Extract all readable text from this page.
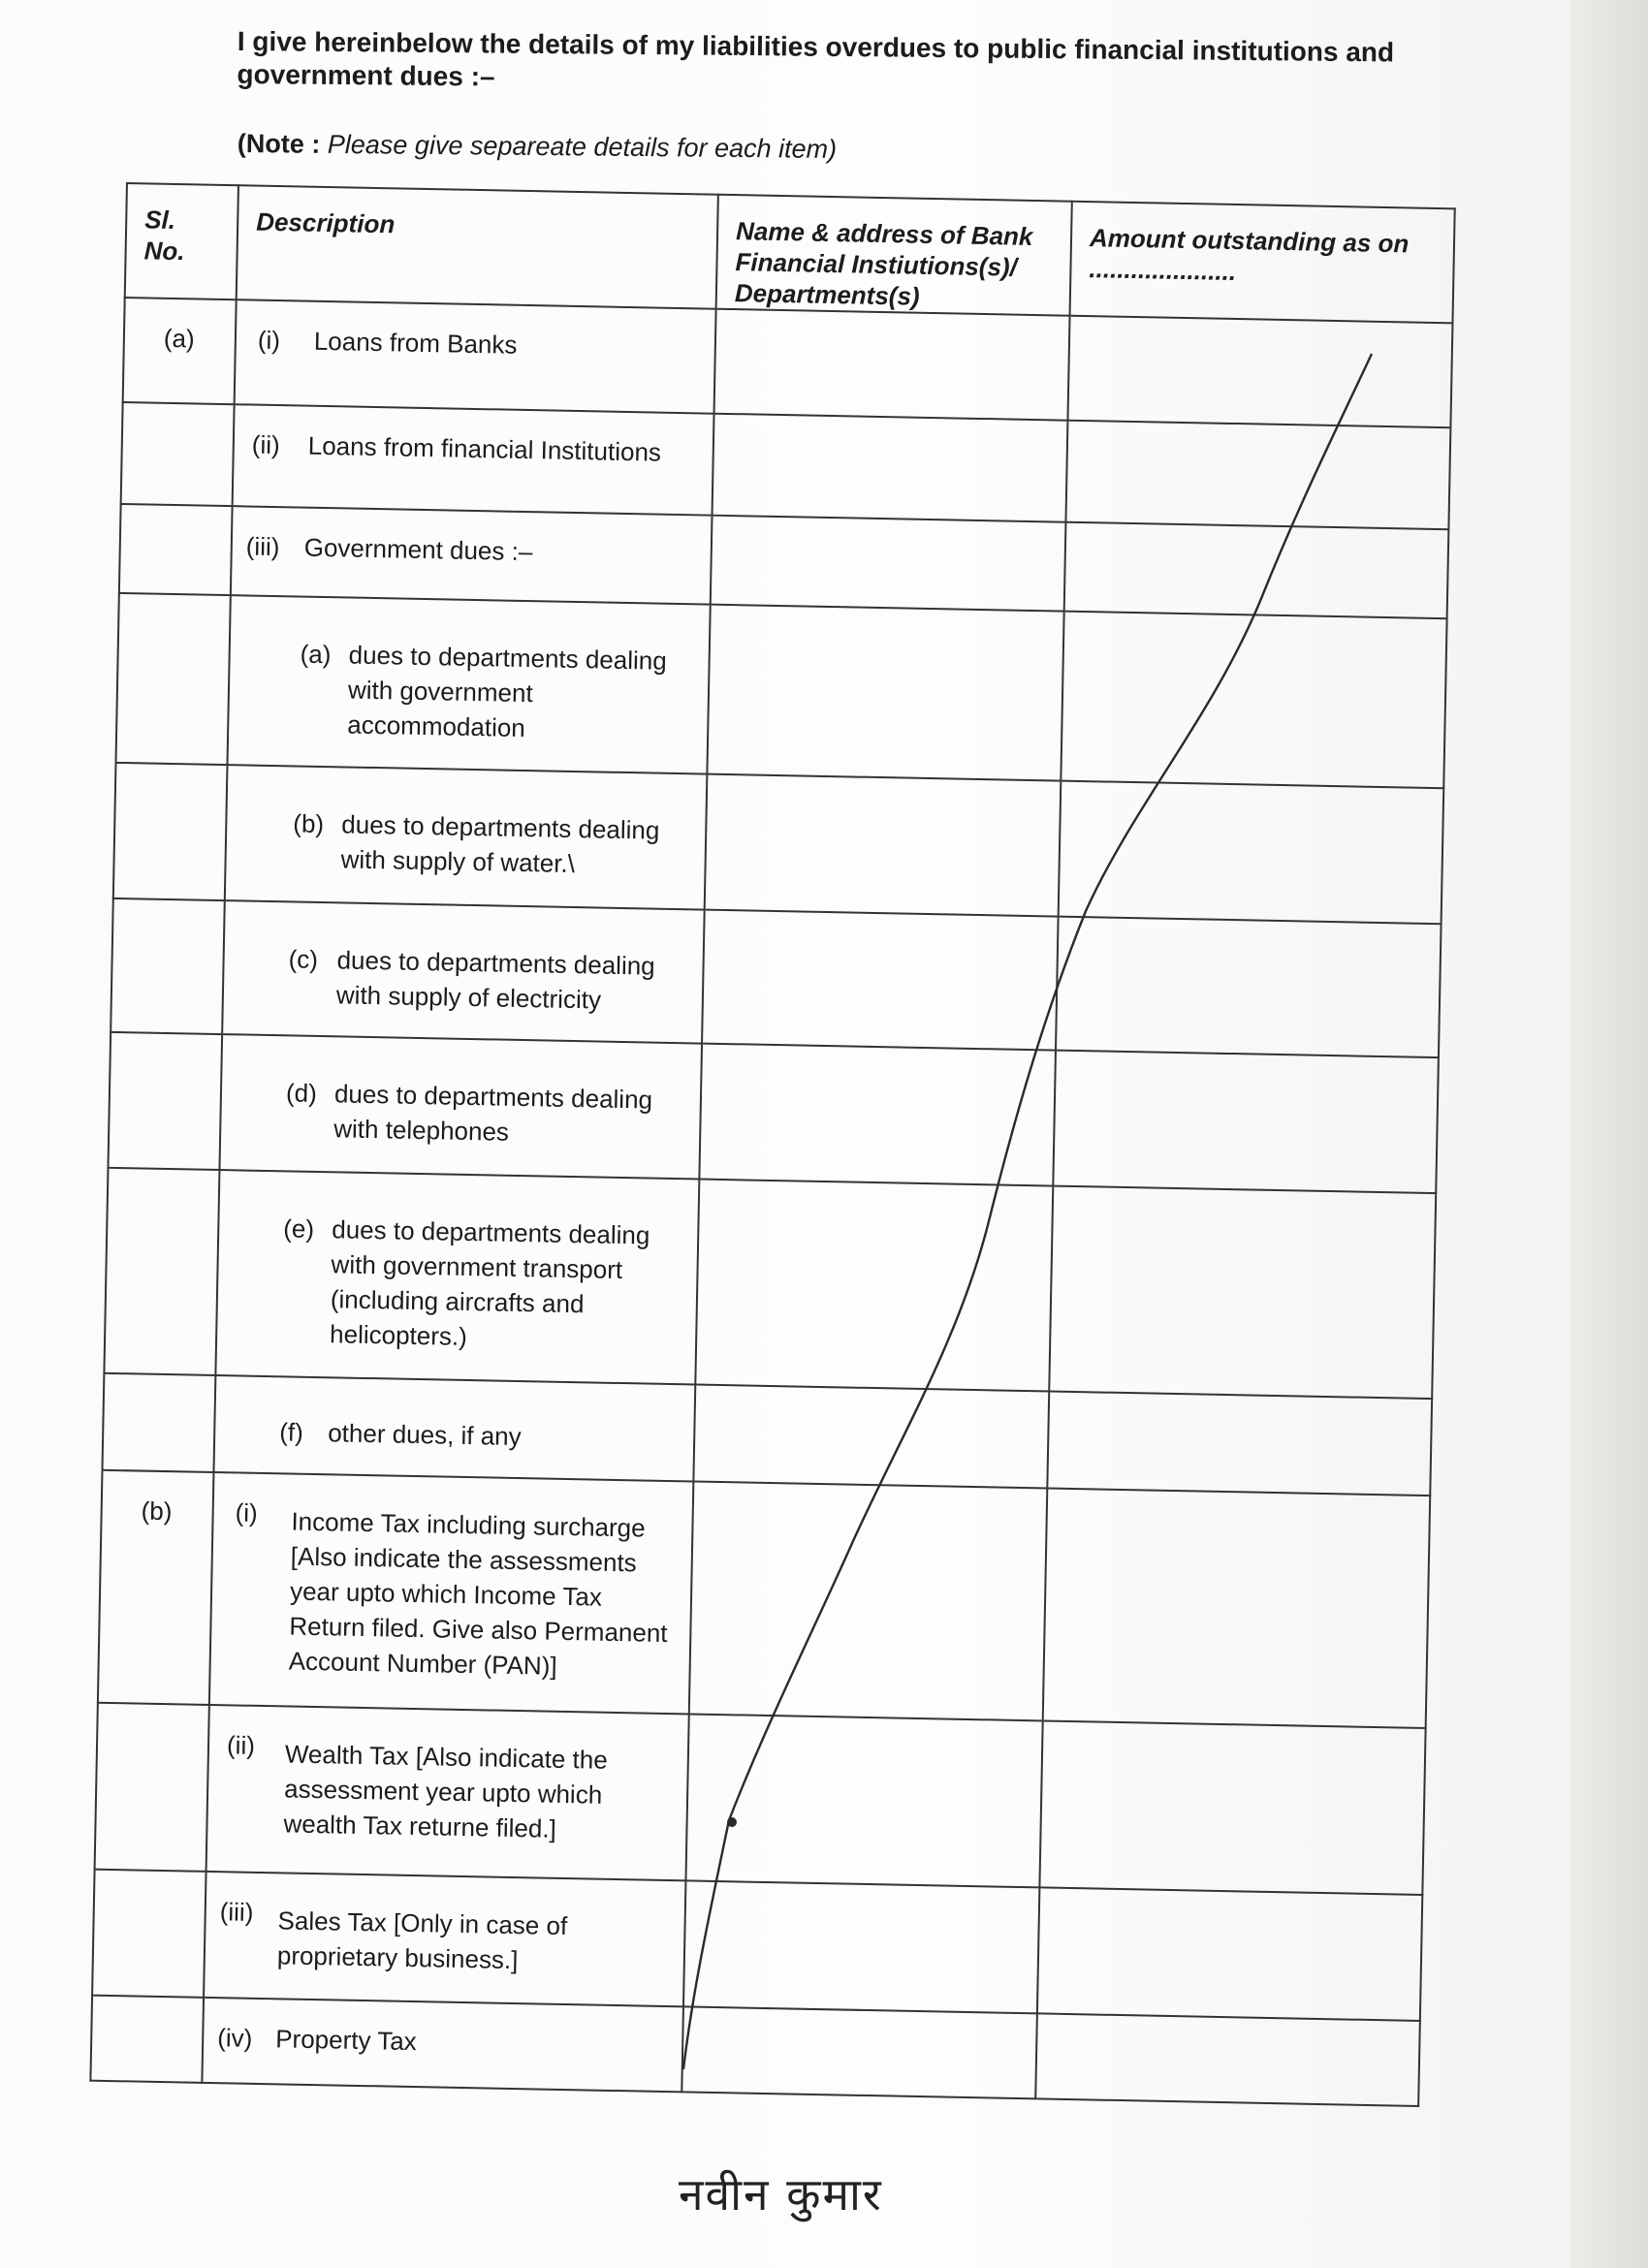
I give hereinbelow the details of my liabilities overdues to public financial institutions and government dues :–
(Note : Please give separeate details for each item)
Sl. No.	Description	Name & address of Bank Financial Instiutions(s)/ Departments(s)	Amount outstanding as on .....................
(a)	(i) Loans from Banks		

	(ii) Loans from financial Institutions		

	(iii) Government dues :–		

	(a) dues to departments dealing with government accommodation		

	(b) dues to departments dealing with supply of water.\		

	(c) dues to departments dealing with supply of electricity		

	(d) dues to departments dealing with telephones		

	(e) dues to departments dealing with government transport (including aircrafts and helicopters.)		

	(f) other dues, if any		

(b)	(i) Income Tax including surcharge [Also indicate the assessments year upto which Income Tax Return filed. Give also Permanent Account Number (PAN)]		

	(ii) Wealth Tax [Also indicate the assessment year upto which wealth Tax returne filed.]		

	(iii) Sales Tax [Only in case of proprietary business.]		

	(iv) Property Tax		

नवीन कुमार
